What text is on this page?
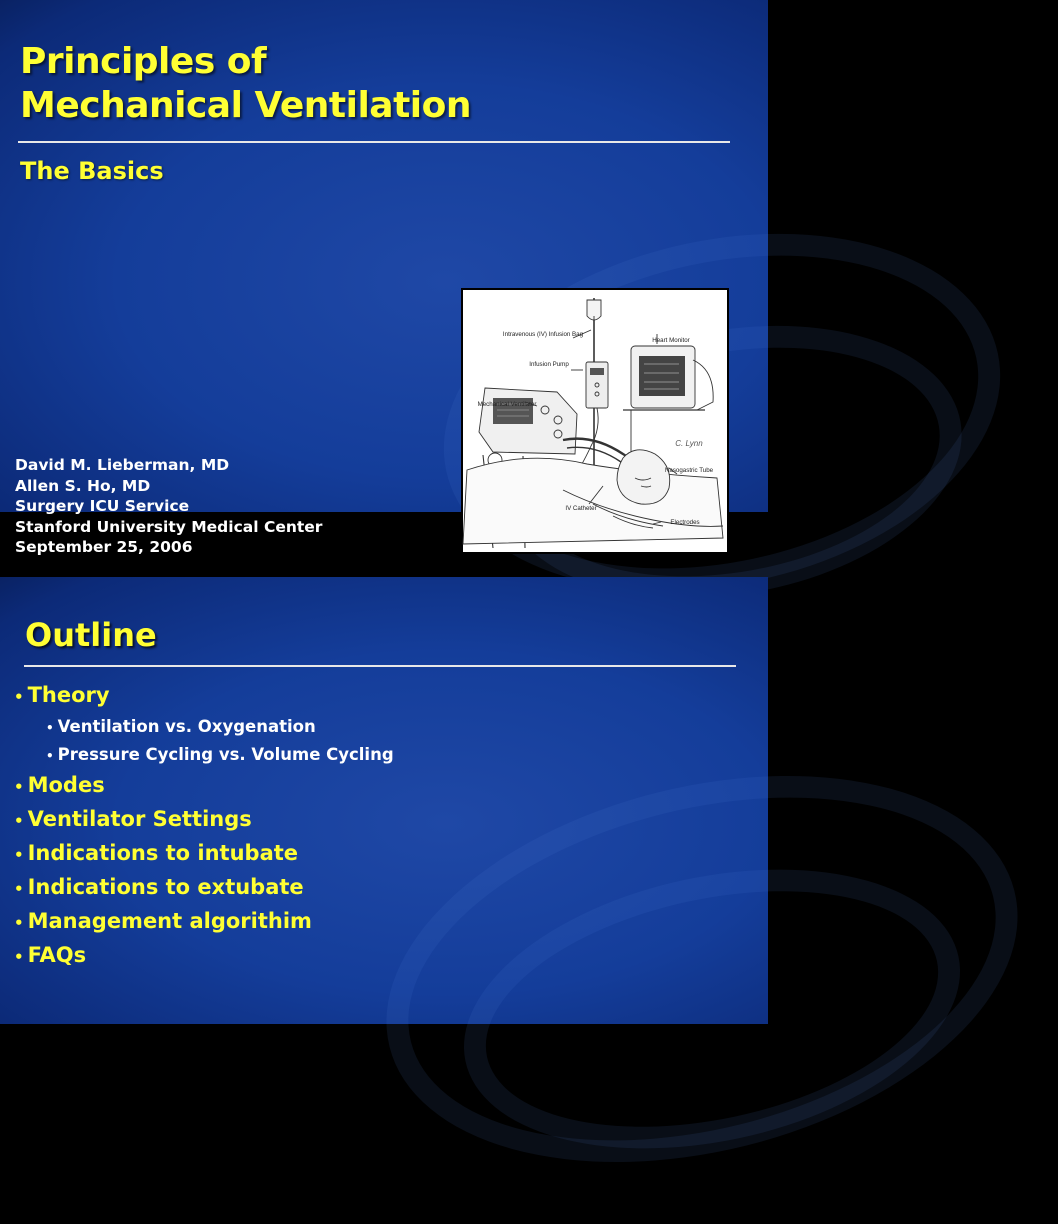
Principles of
Mechanical Ventilation
The Basics
David M. Lieberman, MD
Allen S. Ho, MD
Surgery ICU Service
Stanford University Medical Center
September 25, 2006
Intravenous (IV) Infusion Bag
Heart Monitor
Infusion Pump
Mechanical Ventilator
Nasogastric Tube
IV Catheter
Electrodes
C. Lynn
Outline
• Theory
• Ventilation vs. Oxygenation
• Pressure Cycling vs. Volume Cycling
• Modes
• Ventilator Settings
• Indications to intubate
• Indications to extubate
• Management algorithim
• FAQs
